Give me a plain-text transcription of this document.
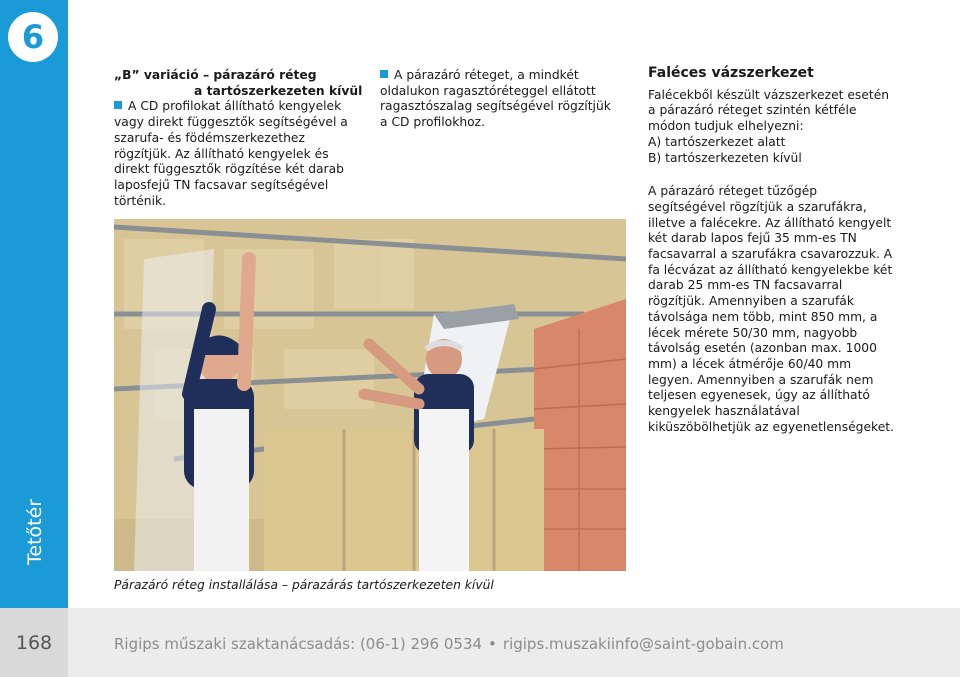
6
Tetőtér
„B” variáció – párazáró réteg

a tartószerkezeten kívül

A CD profilokat állítható kengyelek vagy direkt függesztők segítségével a szarufa- és födémszerkezethez rögzítjük. Az állítható kengyelek és direkt függesztők rögzítése két darab laposfejű TN facsavar segítségével történik.

A párazáró réteget, a mindkét oldalukon ragasztóréteggel ellátott ragasztószalag segítségével rögzítjük a CD profilokhoz.

Faléces vázszerkezet

Falécekből készült vázszerkezet esetén a párazáró réteget szintén kétféle módon tudjuk elhelyezni:

A) tartószerkezet alatt

B) tartószerkezeten kívül

A párazáró réteget tűzőgép segítségével rögzítjük a szarufákra, illetve a falécekre. Az állítható kengyelt két darab lapos fejű 35 mm-es TN facsavarral a szarufákra csavarozzuk. A fa lécvázat az állítható kengyelekbe két darab 25 mm-es TN facsavarral rögzítjük. Amennyiben a szarufák távolsága nem több, mint 850 mm, a lécek mérete 50/30 mm, nagyobb távolság esetén (azonban max. 1000 mm) a lécek átmérője 60/40 mm legyen. Amennyiben a szarufák nem teljesen egyenesek, úgy az állítható kengyelek használatával kiküszöbölhetjük az egyenetlenségeket.

Párazáró réteg installálása – párazárás tartószerkezeten kívül
168	Rigips műszaki szaktanácsadás: (06-1) 296 0534 • rigips.muszakiinfo@saint-gobain.com
